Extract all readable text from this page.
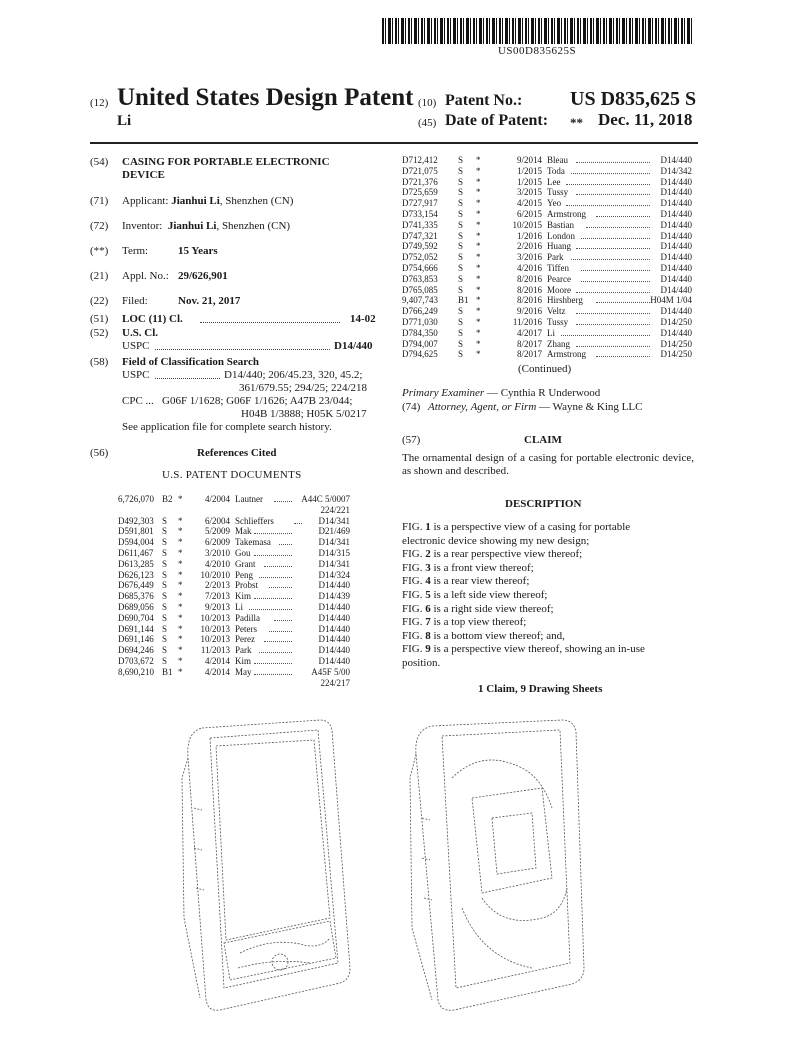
US00D835625S
(12) United States Design Patent
Li
(10) Patent No.: US D835,625 S
(45) Date of Patent: ** Dec. 11, 2018
(54) CASING FOR PORTABLE ELECTRONIC
DEVICE
(71) Applicant: Jianhui Li, Shenzhen (CN)
(72) Inventor: Jianhui Li, Shenzhen (CN)
(**) Term:	15 Years
(21) Appl. No.: 29/626,901
(22) Filed:	Nov. 21, 2017
(51) LOC (11) Cl.	14-02
(52) U.S. Cl.
USPC	D14/440
(58) Field of Classification Search
USPC	D14/440; 206/45.23, 320, 45.2;
361/679.55; 294/25; 224/218
CPC ... G06F 1/1628; G06F 1/1626; A47B 23/044;
H04B 1/3888; H05K 5/0217
See application file for complete search history.
(56)	References Cited
U.S. PATENT DOCUMENTS
6,726,070 B2 * 4/2004 Lautner	A44C 5/0007
224/221
D492,303 S * 6/2004 Schlieffers	D14/341
D591,801 S * 5/2009 Mak	D21/469
D594,004 S * 6/2009 Takemasa	D14/341
D611,467 S * 3/2010 Gou	D14/315
D613,285 S * 4/2010 Grant	D14/341
D626,123 S * 10/2010 Peng	D14/324
D676,449 S * 2/2013 Probst	D14/440
D685,376 S * 7/2013 Kim	D14/439
D689,056 S * 9/2013 Li	D14/440
D690,704 S * 10/2013 Padilla	D14/440
D691,144 S * 10/2013 Peters	D14/440
D691,146 S * 10/2013 Perez	D14/440
D694,246 S * 11/2013 Park	D14/440
D703,672 S * 4/2014 Kim	D14/440
8,690,210 B1 * 4/2014 May	A45F 5/00
224/217
D712,412 S *	9/2014 Bleau	D14/440
D721,075 S *	1/2015 Toda	D14/342
D721,376 S *	1/2015 Lee	D14/440
D725,659 S *	3/2015 Tussy	D14/440
D727,917 S *	4/2015 Yeo	D14/440
D733,154 S *	6/2015 Armstrong	D14/440
D741,335 S *	10/2015 Bastian	D14/440
D747,321 S *	1/2016 London	D14/440
D749,592 S *	2/2016 Huang	D14/440
D752,052 S *	3/2016 Park	D14/440
D754,666 S *	4/2016 Tiffen	D14/440
D763,853 S *	8/2016 Pearce	D14/440
D765,085 S *	8/2016 Moore	D14/440
9,407,743 B1 *	8/2016 Hirshberg	H04M 1/04
D766,249 S *	9/2016 Veltz	D14/440
D771,030 S *	11/2016 Tussy	D14/250
D784,350 S *	4/2017 Li	D14/440
D794,007 S *	8/2017 Zhang	D14/250
D794,625 S *	8/2017 Armstrong	D14/250
(Continued)
Primary Examiner — Cynthia R Underwood
(74) Attorney, Agent, or Firm — Wayne & King LLC
(57)	CLAIM
The ornamental design of a casing for portable electronic device, as shown and described.
DESCRIPTION
FIG. 1 is a perspective view of a casing for portable
electronic device showing my new design;
FIG. 2 is a rear perspective view thereof;
FIG. 3 is a front view thereof;
FIG. 4 is a rear view thereof;
FIG. 5 is a left side view thereof;
FIG. 6 is a right side view thereof;
FIG. 7 is a top view thereof;
FIG. 8 is a bottom view thereof; and,
FIG. 9 is a perspective view thereof, showing an in-use
position.
1 Claim, 9 Drawing Sheets
